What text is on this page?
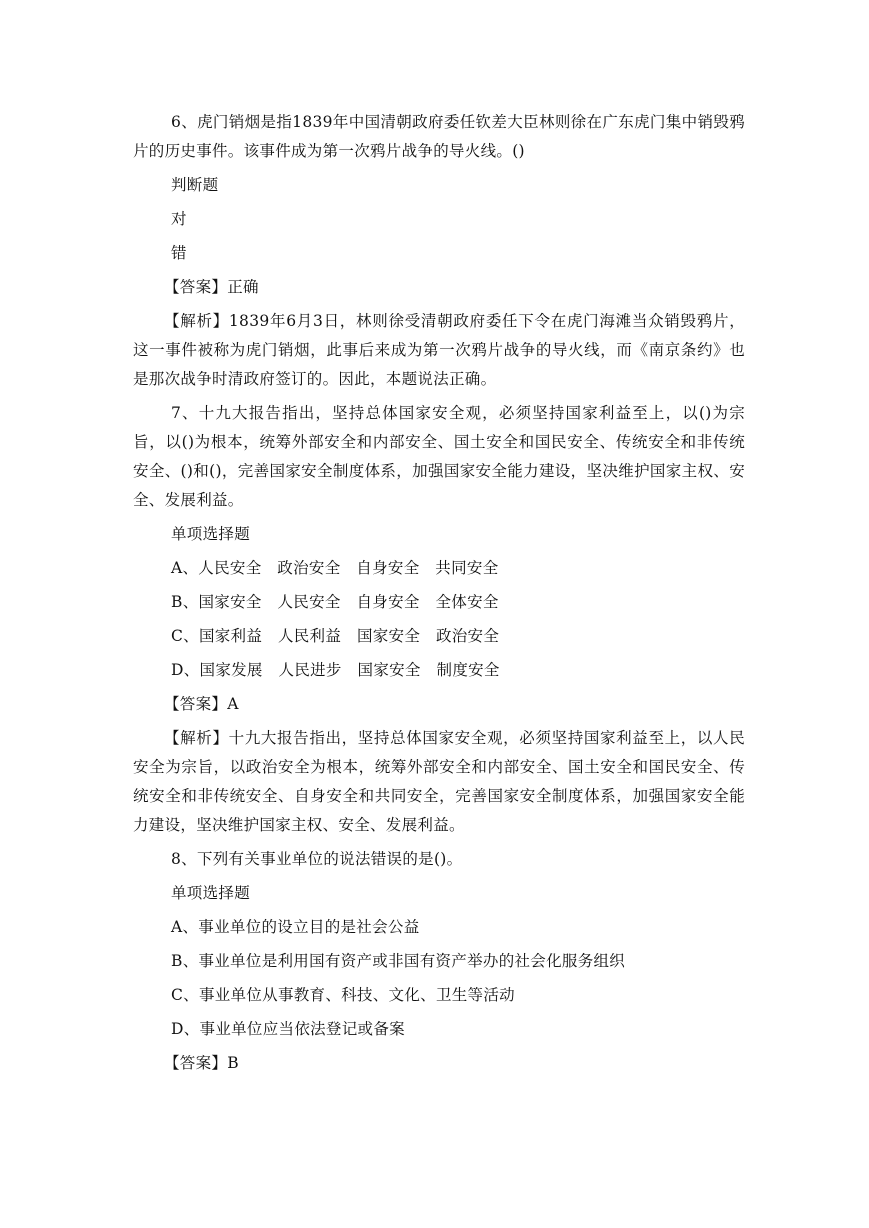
6、虎门销烟是指1839年中国清朝政府委任钦差大臣林则徐在广东虎门集中销毁鸦片的历史事件。该事件成为第一次鸦片战争的导火线。()

判断题

对

错

【答案】正确

【解析】1839年6月3日，林则徐受清朝政府委任下令在虎门海滩当众销毁鸦片，这一事件被称为虎门销烟，此事后来成为第一次鸦片战争的导火线，而《南京条约》也是那次战争时清政府签订的。因此，本题说法正确。

7、十九大报告指出，坚持总体国家安全观，必须坚持国家利益至上，以()为宗旨，以()为根本，统筹外部安全和内部安全、国土安全和国民安全、传统安全和非传统安全、()和()，完善国家安全制度体系，加强国家安全能力建设，坚决维护国家主权、安全、发展利益。

单项选择题

A、人民安全　政治安全　自身安全　共同安全

B、国家安全　人民安全　自身安全　全体安全

C、国家利益　人民利益　国家安全　政治安全

D、国家发展　人民进步　国家安全　制度安全

【答案】A

【解析】十九大报告指出，坚持总体国家安全观，必须坚持国家利益至上，以人民安全为宗旨，以政治安全为根本，统筹外部安全和内部安全、国土安全和国民安全、传统安全和非传统安全、自身安全和共同安全，完善国家安全制度体系，加强国家安全能力建设，坚决维护国家主权、安全、发展利益。

8、下列有关事业单位的说法错误的是()。

单项选择题

A、事业单位的设立目的是社会公益

B、事业单位是利用国有资产或非国有资产举办的社会化服务组织

C、事业单位从事教育、科技、文化、卫生等活动

D、事业单位应当依法登记或备案

【答案】B
